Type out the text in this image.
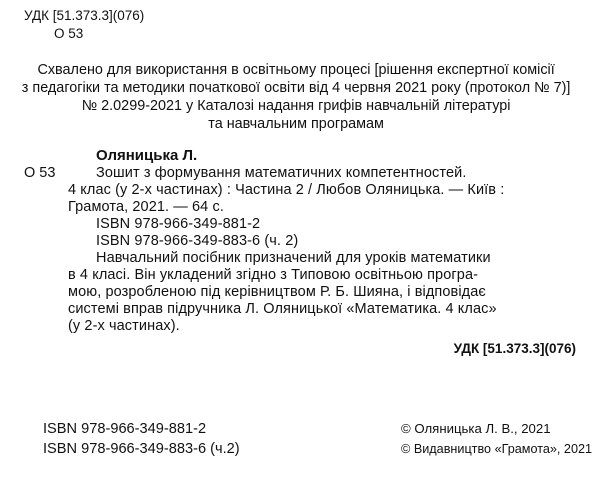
УДК [51.373.3](076)
О 53
Схвалено для використання в освітньому процесі [рішення експертної комісії
з педагогіки та методики початкової освіти від 4 червня 2021 року (протокол № 7)]
№ 2.0299-2021 у Каталозі надання грифів навчальній літературі
та навчальним програмам
Оляницька Л.
О 53	Зошит з формування математичних компетентностей.
4 клас (у 2-х частинах) : Частина 2 / Любов Оляницька. — Київ :
Грамота, 2021. — 64 с.
ISBN 978-966-349-881-2
ISBN 978-966-349-883-6 (ч. 2)
Навчальний посібник призначений для уроків математики
в 4 класі. Він укладений згідно з Типовою освітньою програ-
мою, розробленою під керівництвом Р. Б. Шияна, і відповідає
системі вправ підручника Л. Оляницької «Математика. 4 клас»
(у 2-х частинах).
УДК [51.373.3](076)
ISBN 978-966-349-881-2
ISBN 978-966-349-883-6 (ч.2)
© Оляницька Л. В., 2021
© Видавництво «Грамота», 2021
